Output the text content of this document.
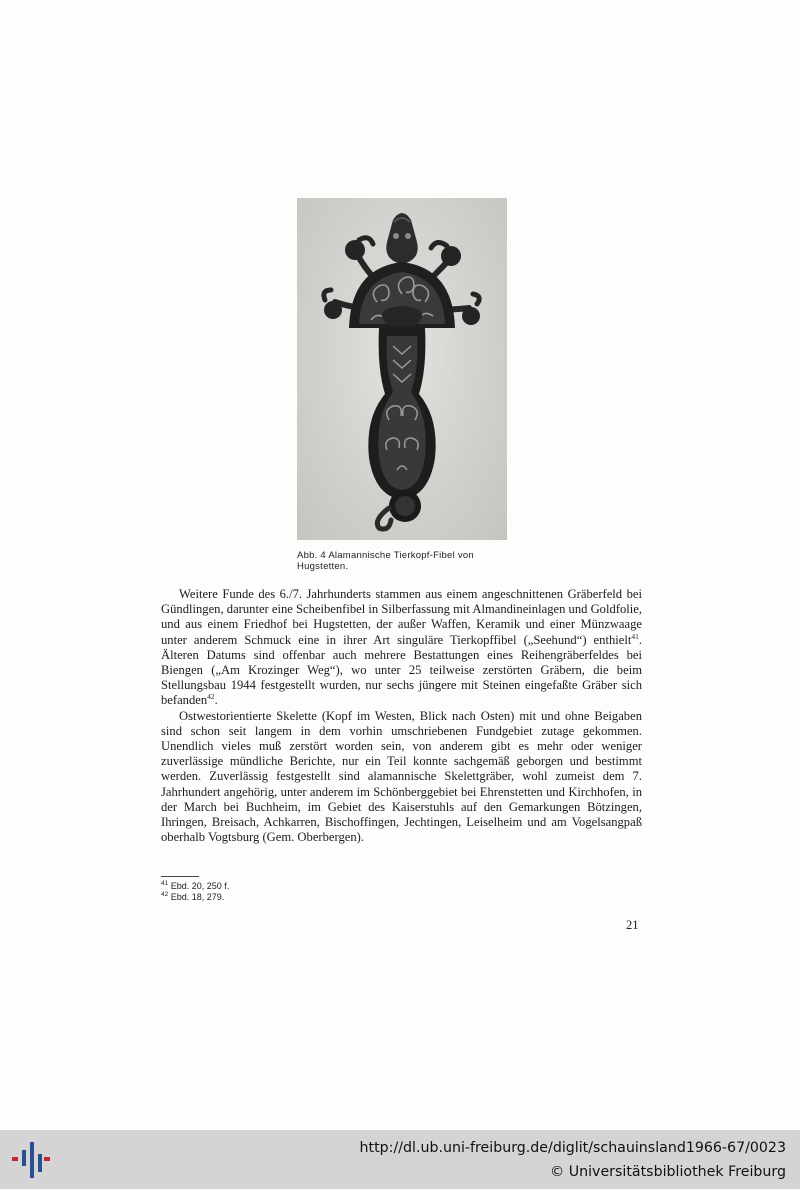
Abb. 4 Alamannische Tierkopf-Fibel von
Hugstetten.

Weitere Funde des 6./7. Jahrhunderts stammen aus einem angeschnittenen Gräberfeld bei Gündlingen, darunter eine Scheibenfibel in Silberfassung mit Almandineinlagen und Goldfolie, und aus einem Friedhof bei Hugstetten, der außer Waffen, Keramik und einer Münzwaage unter anderem Schmuck eine in ihrer Art singuläre Tierkopffibel („Seehund“) enthielt$^{41}$. Älteren Datums sind offenbar auch mehrere Bestattungen eines Reihengräberfeldes bei Biengen („Am Krozinger Weg“), wo unter 25 teilweise zerstörten Gräbern, die beim Stellungsbau 1944 festgestellt wurden, nur sechs jüngere mit Steinen eingefaßte Gräber sich befanden$^{42}$.

Ostwestorientierte Skelette (Kopf im Westen, Blick nach Osten) mit und ohne Beigaben sind schon seit langem in dem vorhin umschriebenen Fundgebiet zutage gekommen. Unendlich vieles muß zerstört worden sein, von anderem gibt es mehr oder weniger zuverlässige mündliche Berichte, nur ein Teil konnte sachgemäß geborgen und bestimmt werden. Zuverlässig festgestellt sind alamannische Skelettgräber, wohl zumeist dem 7. Jahrhundert angehörig, unter anderem im Schönberggebiet bei Ehrenstetten und Kirchhofen, in der March bei Buchheim, im Gebiet des Kaiserstuhls auf den Gemarkungen Bötzingen, Ihringen, Breisach, Achkarren, Bischoffingen, Jechtingen, Leiselheim und am Vogelsangpaß oberhalb Vogtsburg (Gem. Oberbergen).

$^{41}$ Ebd. 20, 250 f.
$^{42}$ Ebd. 18, 279.
21
http://dl.ub.uni-freiburg.de/diglit/schauinsland1966-67/0023
© Universitätsbibliothek Freiburg
